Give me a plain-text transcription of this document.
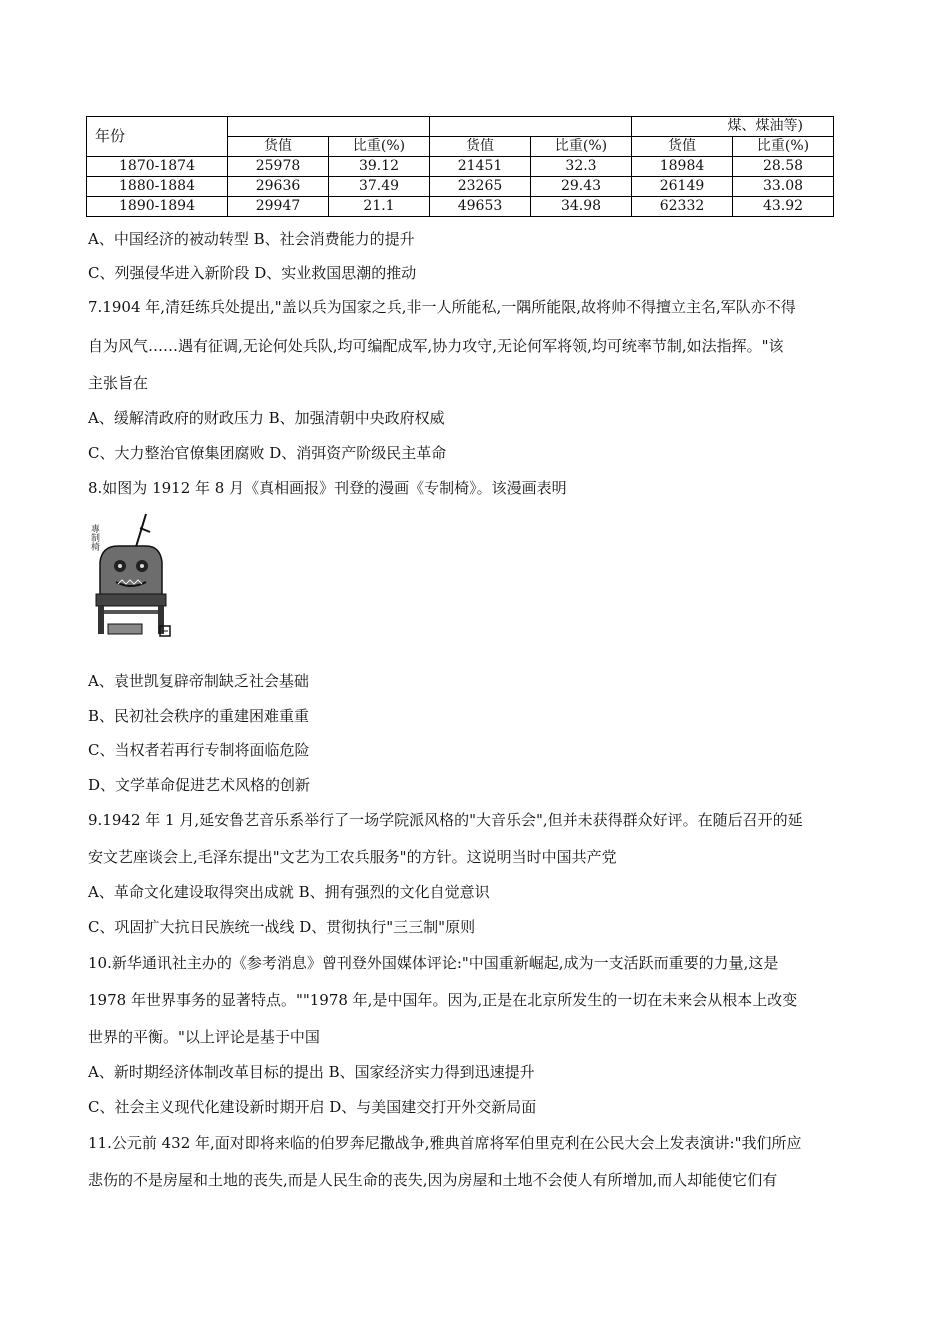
年份					煤、煤油等)	
	货值	比重(%)	货值	比重(%)	货值	比重(%)
1870-1874	25978	39.12	21451	32.3	18984	28.58
1880-1884	29636	37.49	23265	29.43	26149	33.08
1890-1894	29947	21.1	49653	34.98	62332	43.92
A、中国经济的被动转型 B、社会消费能力的提升
C、列强侵华进入新阶段 D、实业救国思潮的推动
7.1904 年,清廷练兵处提出,"盖以兵为国家之兵,非一人所能私,一隅所能限,故将帅不得擅立主名,军队亦不得
自为风气……遇有征调,无论何处兵队,均可编配成军,协力攻守,无论何军将领,均可统率节制,如法指挥。"该
主张旨在
A、缓解清政府的财政压力 B、加强清朝中央政府权威
C、大力整治官僚集团腐败 D、消弭资产阶级民主革命
8.如图为 1912 年 8 月《真相画报》刊登的漫画《专制椅》。该漫画表明
專制椅
A、袁世凯复辟帝制缺乏社会基础
B、民初社会秩序的重建困难重重
C、当权者若再行专制将面临危险
D、文学革命促进艺术风格的创新
9.1942 年 1 月,延安鲁艺音乐系举行了一场学院派风格的"大音乐会",但并未获得群众好评。在随后召开的延
安文艺座谈会上,毛泽东提出"文艺为工农兵服务"的方针。这说明当时中国共产党
A、革命文化建设取得突出成就 B、拥有强烈的文化自觉意识
C、巩固扩大抗日民族统一战线 D、贯彻执行"三三制"原则
10.新华通讯社主办的《参考消息》曾刊登外国媒体评论:"中国重新崛起,成为一支活跃而重要的力量,这是
1978 年世界事务的显著特点。""1978 年,是中国年。因为,正是在北京所发生的一切在未来会从根本上改变
世界的平衡。"以上评论是基于中国
A、新时期经济体制改革目标的提出 B、国家经济实力得到迅速提升
C、社会主义现代化建设新时期开启 D、与美国建交打开外交新局面
11.公元前 432 年,面对即将来临的伯罗奔尼撒战争,雅典首席将军伯里克利在公民大会上发表演讲:"我们所应
悲伤的不是房屋和土地的丧失,而是人民生命的丧失,因为房屋和土地不会使人有所增加,而人却能使它们有
